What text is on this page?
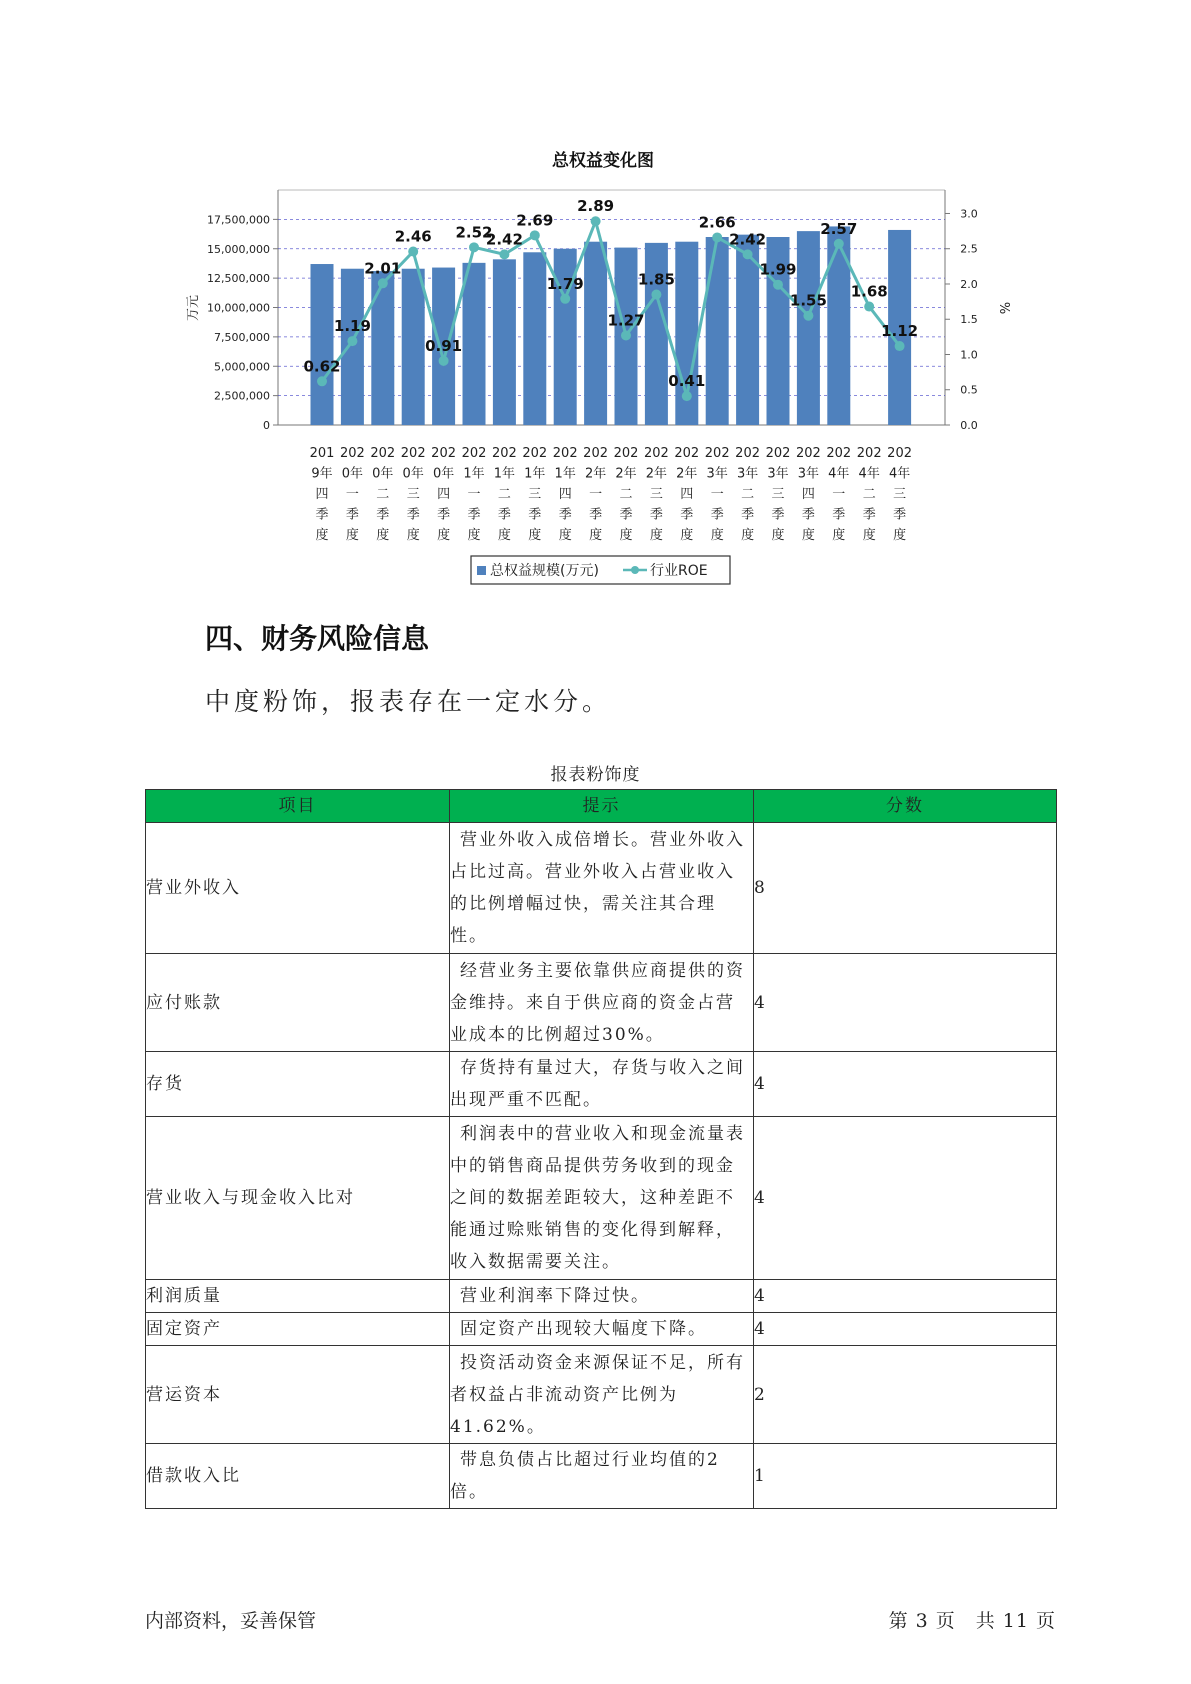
总权益变化图
0
2,500,000
5,000,000
7,500,000
10,000,000
12,500,000
15,000,000
17,500,000
0.0
0.5
1.0
1.5
2.0
2.5
3.0
万元	%
201
9年
四
季
度
202
0年
一
季
度
202
0年
二
季
度
202
0年
三
季
度
202
0年
四
季
度
202
1年
一
季
度
202
1年
二
季
度
202
1年
三
季
度
202
1年
四
季
度
202
2年
一
季
度
202
2年
二
季
度
202
2年
三
季
度
202
2年
四
季
度
202
3年
一
季
度
202
3年
二
季
度
202
3年
三
季
度
202
3年
四
季
度
202
4年
一
季
度
202
4年
二
季
度
202
4年
三
季
度
0.62
1.19
2.01
2.46
0.91
2.52
2.42
2.69
1.79
2.89
1.27
1.85
0.41
2.66
2.42
1.99
1.55
2.57
1.68
1.12
总权益规模(万元)	行业ROE
四、财务风险信息

中度粉饰，报表存在一定水分。

报表粉饰度
项目	提示	分数
营业外收入	营业外收入成倍增长。营业外收入占比过高。营业外收入占营业收入的比例增幅过快，需关注其合理性。	8
应付账款	经营业务主要依靠供应商提供的资金维持。来自于供应商的资金占营业成本的比例超过30%。	4
存货	存货持有量过大，存货与收入之间出现严重不匹配。	4
营业收入与现金收入比对	利润表中的营业收入和现金流量表中的销售商品提供劳务收到的现金之间的数据差距较大，这种差距不能通过赊账销售的变化得到解释，收入数据需要关注。	4
利润质量	营业利润率下降过快。	4
固定资产	固定资产出现较大幅度下降。	4
营运资本	投资活动资金来源保证不足，所有者权益占非流动资产比例为41.62%。	2
借款收入比	带息负债占比超过行业均值的2倍。	1
内部资料，妥善保管	第 3 页　共 11 页
